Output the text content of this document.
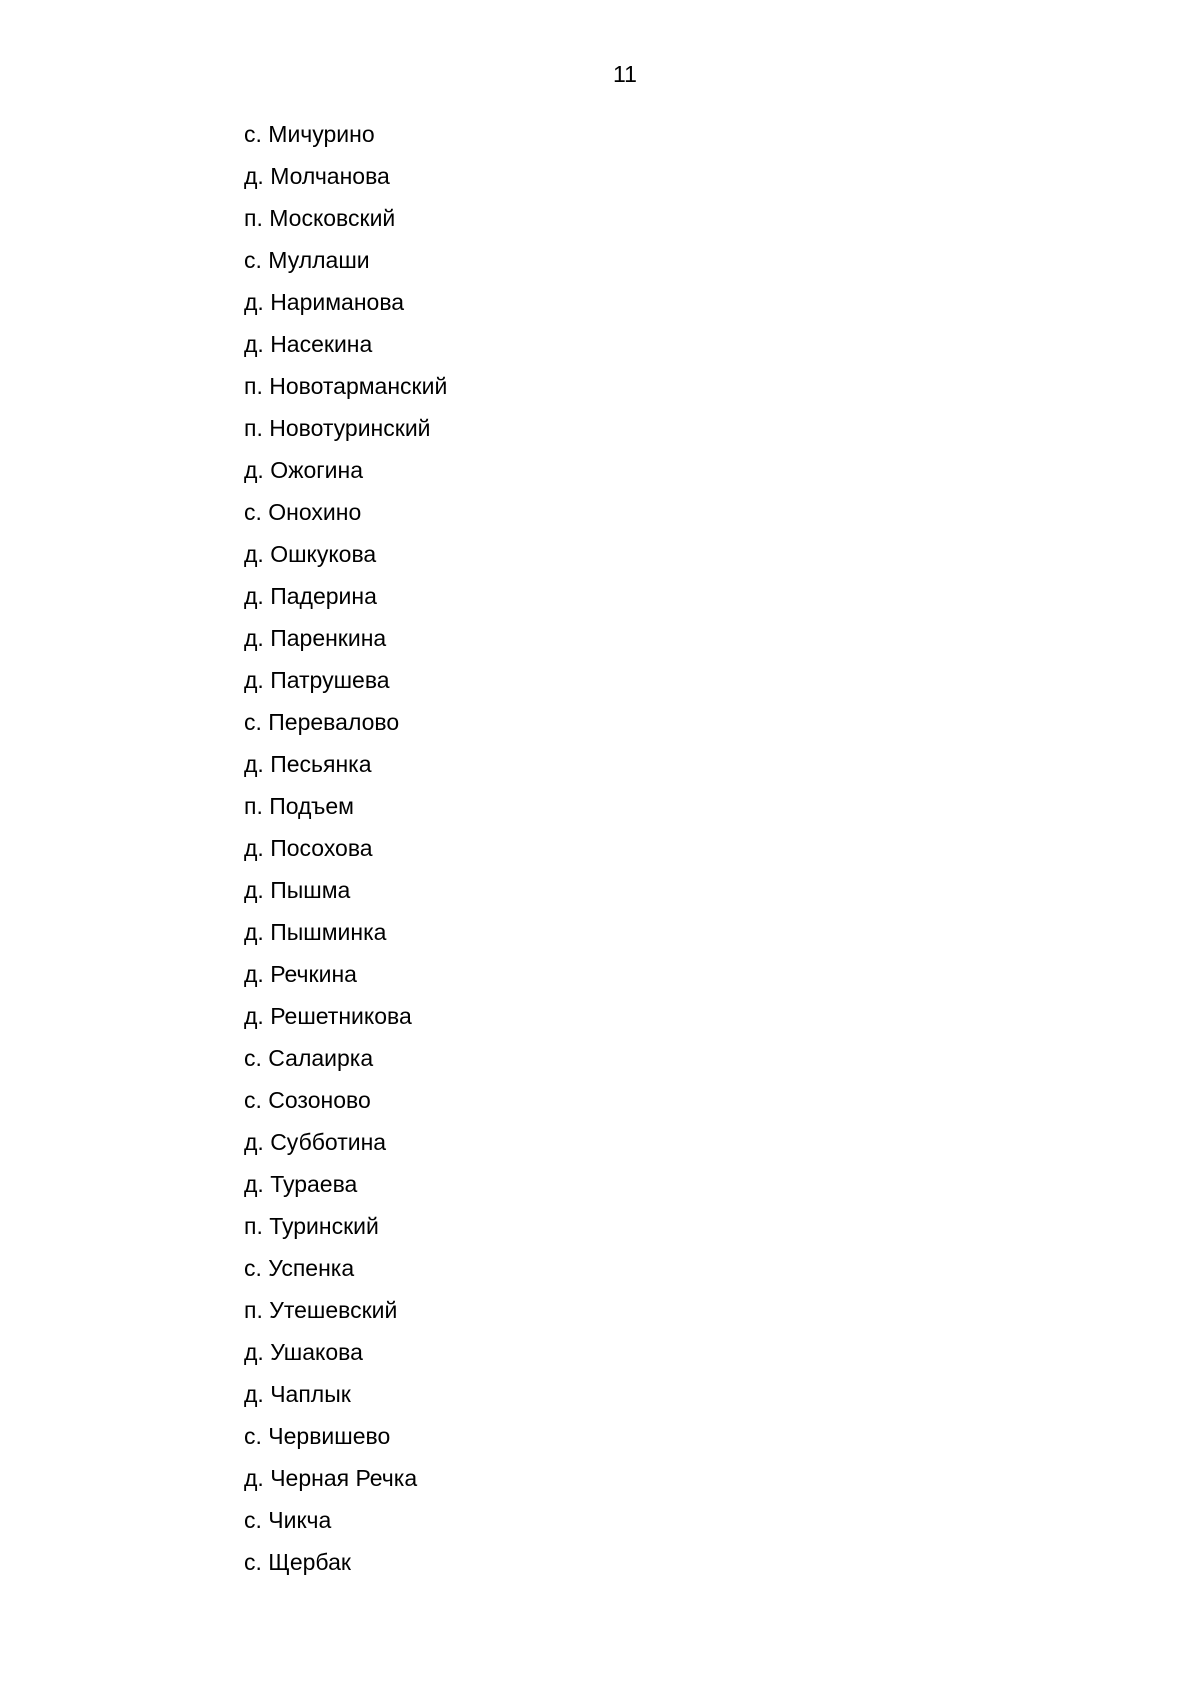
11
с. Мичурино
д. Молчанова
п. Московский
с. Муллаши
д. Нариманова
д. Насекина
п. Новотарманский
п. Новотуринский
д. Ожогина
с. Онохино
д. Ошкукова
д. Падерина
д. Паренкина
д. Патрушева
с. Перевалово
д. Песьянка
п. Подъем
д. Посохова
д. Пышма
д. Пышминка
д. Речкина
д. Решетникова
с. Салаирка
с. Созоново
д. Субботина
д. Тураева
п. Туринский
с. Успенка
п. Утешевский
д. Ушакова
д. Чаплык
с. Червишево
д. Черная Речка
с. Чикча
с. Щербак
